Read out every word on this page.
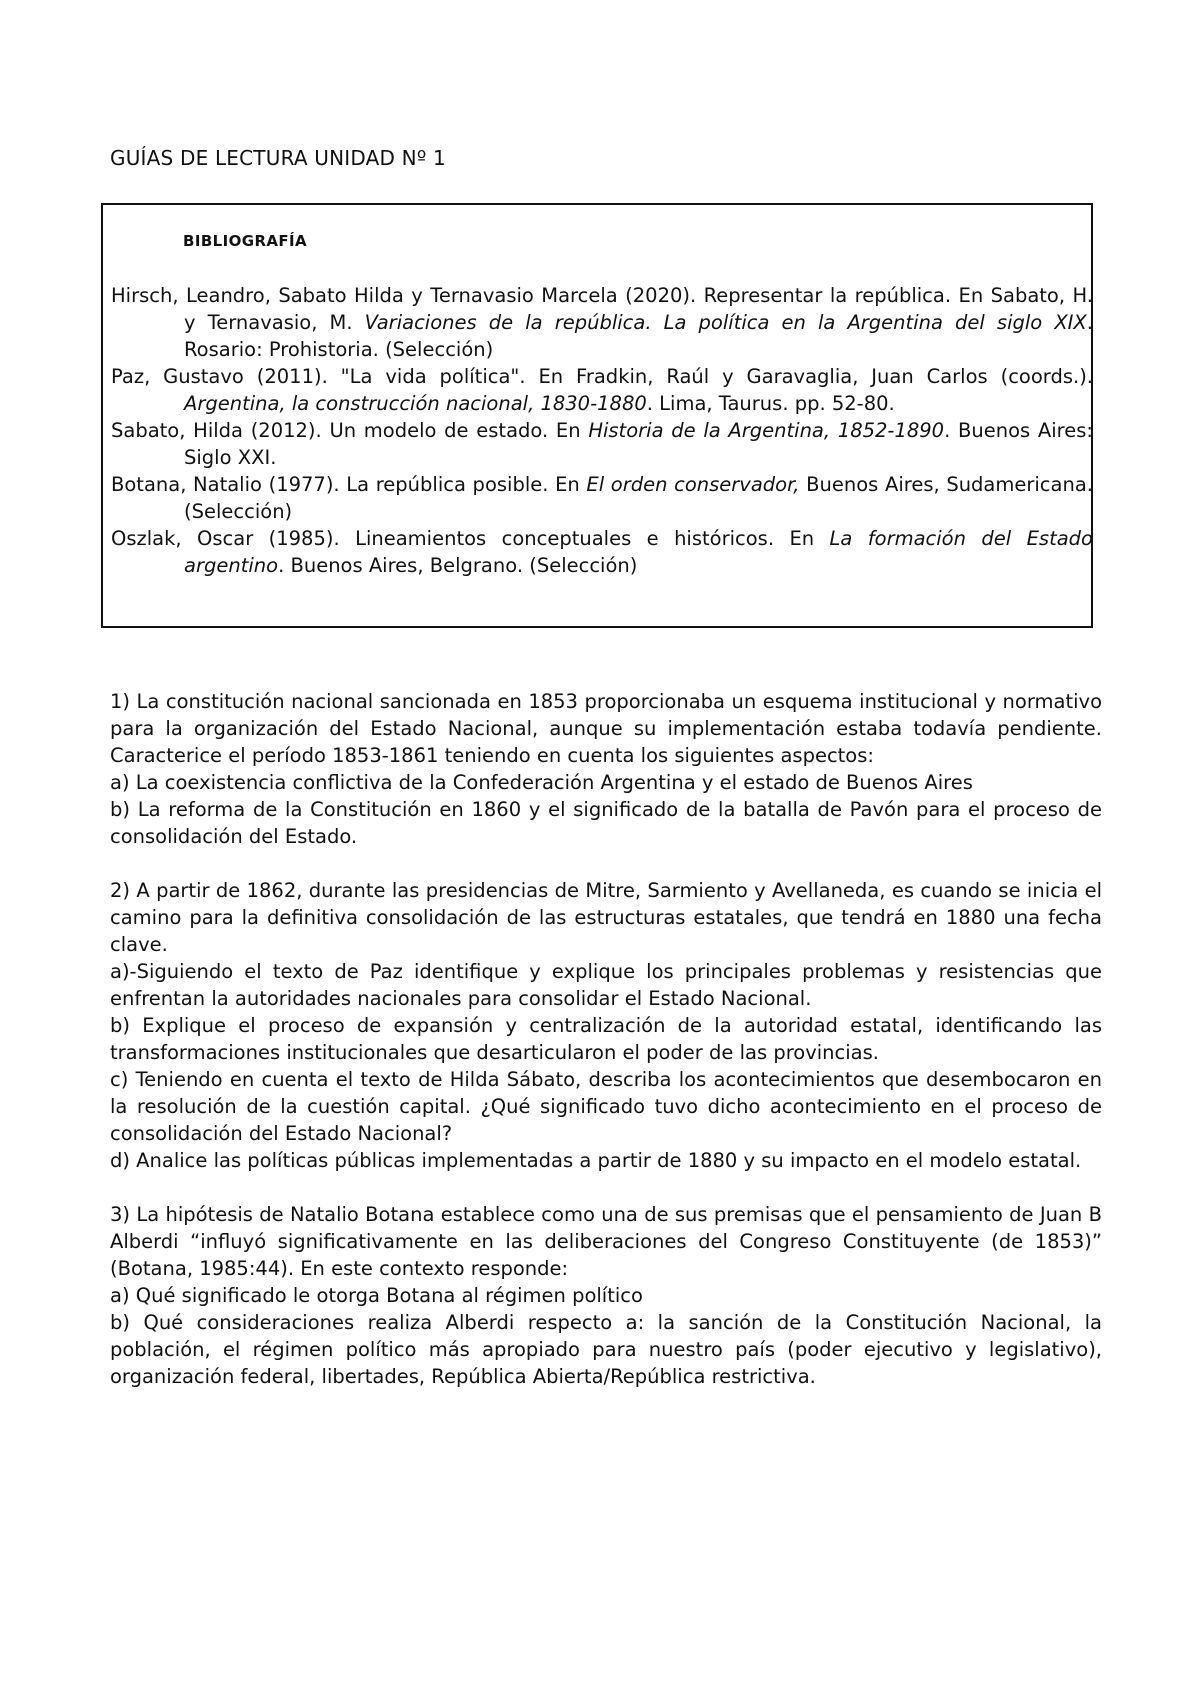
GUÍAS DE LECTURA UNIDAD Nº 1
BIBLIOGRAFÍA
Hirsch, Leandro, Sabato Hilda y Ternavasio Marcela (2020). Representar la república. En Sabato, H. y Ternavasio, M. Variaciones de la república. La política en la Argentina del siglo XIX. Rosario: Prohistoria. (Selección)
Paz, Gustavo (2011). "La vida política". En Fradkin, Raúl y Garavaglia, Juan Carlos (coords.). Argentina, la construcción nacional, 1830-1880. Lima, Taurus. pp. 52-80.
Sabato, Hilda (2012). Un modelo de estado. En Historia de la Argentina, 1852-1890. Buenos Aires: Siglo XXI.
Botana, Natalio (1977). La república posible. En El orden conservador, Buenos Aires, Sudamericana. (Selección)
Oszlak, Oscar (1985). Lineamientos conceptuales e históricos. En La formación del Estado argentino. Buenos Aires, Belgrano. (Selección)

1) La constitución nacional sancionada en 1853 proporcionaba un esquema institucional y normativo para la organización del Estado Nacional, aunque su implementación estaba todavía pendiente. Caracterice el período 1853-1861 teniendo en cuenta los siguientes aspectos:

a) La coexistencia conflictiva de la Confederación Argentina y el estado de Buenos Aires

b) La reforma de la Constitución en 1860 y el significado de la batalla de Pavón para el proceso de consolidación del Estado.

2) A partir de 1862, durante las presidencias de Mitre, Sarmiento y Avellaneda, es cuando se inicia el camino para la definitiva consolidación de las estructuras estatales, que tendrá en 1880 una fecha clave.

a)-Siguiendo el texto de Paz identifique y explique los principales problemas y resistencias que enfrentan la autoridades nacionales para consolidar el Estado Nacional.

b) Explique el proceso de expansión y centralización de la autoridad estatal, identificando las transformaciones institucionales que desarticularon el poder de las provincias.

c) Teniendo en cuenta el texto de Hilda Sábato, describa los acontecimientos que desembocaron en la resolución de la cuestión capital. ¿Qué significado tuvo dicho acontecimiento en el proceso de consolidación del Estado Nacional?

d) Analice las políticas públicas implementadas a partir de 1880 y su impacto en el modelo estatal.

3) La hipótesis de Natalio Botana establece como una de sus premisas que el pensamiento de Juan B Alberdi “influyó significativamente en las deliberaciones del Congreso Constituyente (de 1853)” (Botana, 1985:44). En este contexto responde:

a) Qué significado le otorga Botana al régimen político

b) Qué consideraciones realiza Alberdi respecto a: la sanción de la Constitución Nacional, la población, el régimen político más apropiado para nuestro país (poder ejecutivo y legislativo), organización federal, libertades, República Abierta/República restrictiva.
